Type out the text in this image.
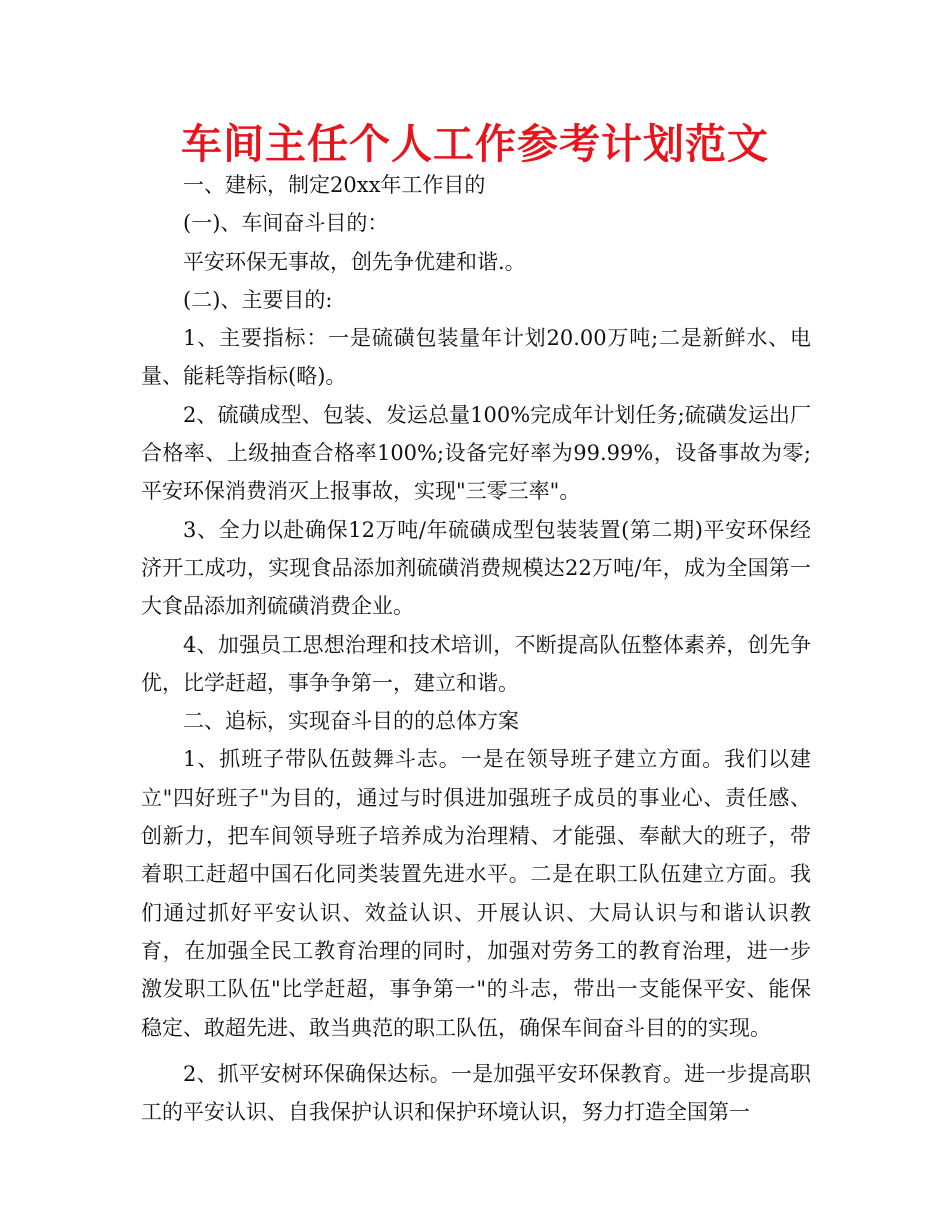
车间主任个人工作参考计划范文

一、建标，制定20xx年工作目的

(一)、车间奋斗目的：

平安环保无事故，创先争优建和谐.。

(二)、主要目的:

1、主要指标：一是硫磺包装量年计划20.00万吨;二是新鲜水、电量、能耗等指标(略)。

2、硫磺成型、包装、发运总量100%完成年计划任务;硫磺发运出厂合格率、上级抽查合格率100%;设备完好率为99.99%，设备事故为零;平安环保消费消灭上报事故，实现"三零三率"。

3、全力以赴确保12万吨/年硫磺成型包装装置(第二期)平安环保经济开工成功，实现食品添加剂硫磺消费规模达22万吨/年，成为全国第一大食品添加剂硫磺消费企业。

4、加强员工思想治理和技术培训，不断提高队伍整体素养，创先争优，比学赶超，事争争第一，建立和谐。

二、追标，实现奋斗目的的总体方案

1、抓班子带队伍鼓舞斗志。一是在领导班子建立方面。我们以建立"四好班子"为目的，通过与时俱进加强班子成员的事业心、责任感、创新力，把车间领导班子培养成为治理精、才能强、奉献大的班子，带着职工赶超中国石化同类装置先进水平。二是在职工队伍建立方面。我们通过抓好平安认识、效益认识、开展认识、大局认识与和谐认识教育，在加强全民工教育治理的同时，加强对劳务工的教育治理，进一步激发职工队伍"比学赶超，事争第一"的斗志，带出一支能保平安、能保稳定、敢超先进、敢当典范的职工队伍，确保车间奋斗目的的实现。

2、抓平安树环保确保达标。一是加强平安环保教育。进一步提高职工的平安认识、自我保护认识和保护环境认识，努力打造全国第一
